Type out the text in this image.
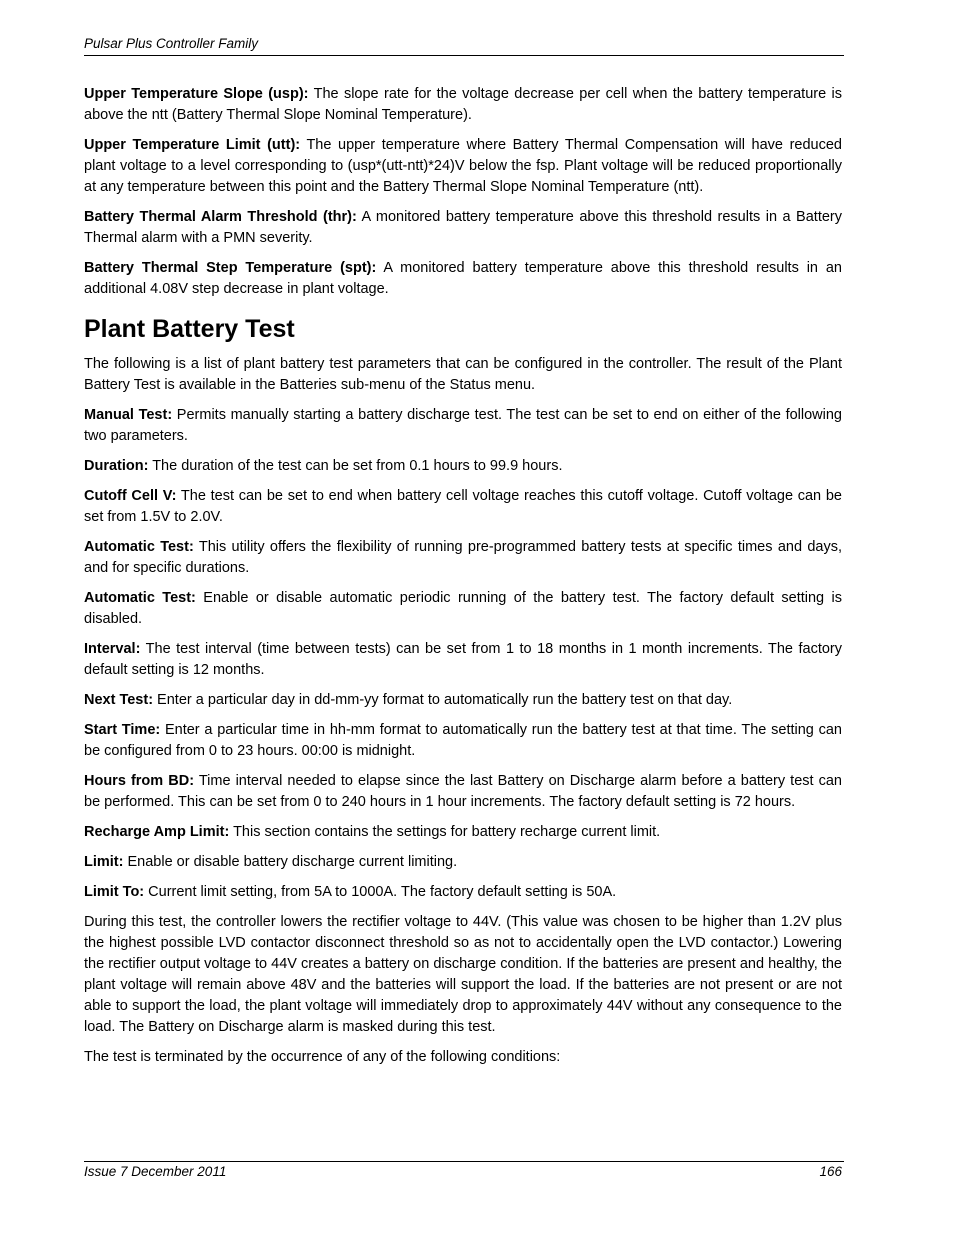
Pulsar Plus Controller Family

Upper Temperature Slope (usp): The slope rate for the voltage decrease per cell when the battery temperature is above the ntt (Battery Thermal Slope Nominal Temperature).

Upper Temperature Limit (utt): The upper temperature where Battery Thermal Compensation will have reduced plant voltage to a level corresponding to (usp*(utt-ntt)*24)V below the fsp. Plant voltage will be reduced proportionally at any temperature between this point and the Battery Thermal Slope Nominal Temperature (ntt).

Battery Thermal Alarm Threshold (thr): A monitored battery temperature above this threshold results in a Battery Thermal alarm with a PMN severity.

Battery Thermal Step Temperature (spt): A monitored battery temperature above this threshold results in an additional 4.08V step decrease in plant voltage.

Plant Battery Test

The following is a list of plant battery test parameters that can be configured in the controller. The result of the Plant Battery Test is available in the Batteries sub-menu of the Status menu.

Manual Test: Permits manually starting a battery discharge test. The test can be set to end on either of the following two parameters.

Duration: The duration of the test can be set from 0.1 hours to 99.9 hours.

Cutoff Cell V: The test can be set to end when battery cell voltage reaches this cutoff voltage. Cutoff voltage can be set from 1.5V to 2.0V.

Automatic Test: This utility offers the flexibility of running pre-programmed battery tests at specific times and days, and for specific durations.

Automatic Test: Enable or disable automatic periodic running of the battery test. The factory default setting is disabled.

Interval: The test interval (time between tests) can be set from 1 to 18 months in 1 month increments. The factory default setting is 12 months.

Next Test: Enter a particular day in dd-mm-yy format to automatically run the battery test on that day.

Start Time: Enter a particular time in hh-mm format to automatically run the battery test at that time. The setting can be configured from 0 to 23 hours. 00:00 is midnight.

Hours from BD: Time interval needed to elapse since the last Battery on Discharge alarm before a battery test can be performed. This can be set from 0 to 240 hours in 1 hour increments. The factory default setting is 72 hours.

Recharge Amp Limit: This section contains the settings for battery recharge current limit.

Limit: Enable or disable battery discharge current limiting.

Limit To: Current limit setting, from 5A to 1000A. The factory default setting is 50A.

During this test, the controller lowers the rectifier voltage to 44V. (This value was chosen to be higher than 1.2V plus the highest possible LVD contactor disconnect threshold so as not to accidentally open the LVD contactor.) Lowering the rectifier output voltage to 44V creates a battery on discharge condition. If the batteries are present and healthy, the plant voltage will remain above 48V and the batteries will support the load. If the batteries are not present or are not able to support the load, the plant voltage will immediately drop to approximately 44V without any consequence to the load. The Battery on Discharge alarm is masked during this test.

The test is terminated by the occurrence of any of the following conditions:

Issue 7 December 2011	166
